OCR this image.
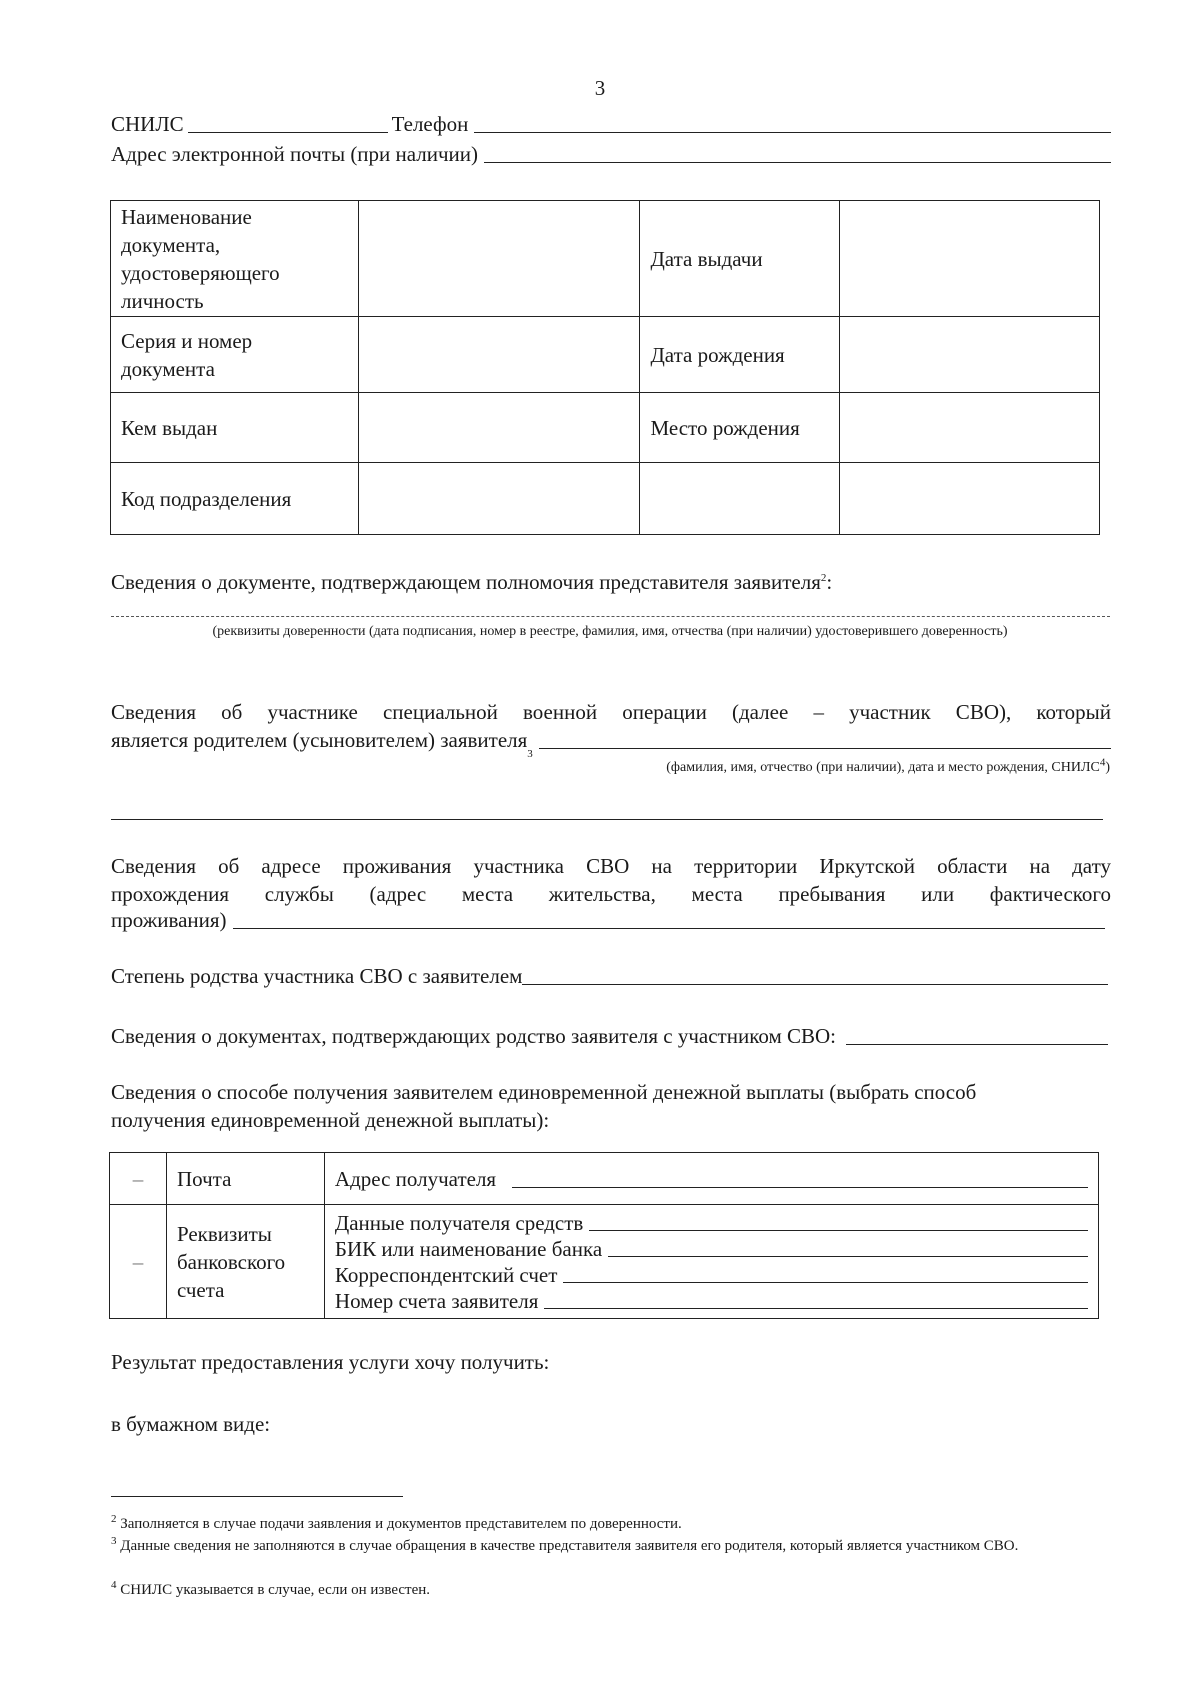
3
СНИЛС	Телефон
Адрес электронной почты (при наличии)
Наименование документа, удостоверяющего личность		Дата выдачи	
Серия и номер документа		Дата рождения	
Кем выдан		Место рождения	
Код подразделения			
Сведения о документе, подтверждающем полномочия представителя заявителя$^2$:
(реквизиты доверенности (дата подписания, номер в реестре, фамилия, имя, отчества (при наличии) удостоверившего доверенность)
Сведения об участнике специальной военной операции (далее – участник СВО), который
является родителем (усыновителем) заявителя
3
(фамилия, имя, отчество (при наличии), дата и место рождения, СНИЛС$^4$)
Сведения об адресе проживания участника СВО на территории Иркутской области на дату
прохождения службы (адрес места жительства, места пребывания или фактического
проживания)
Степень родства участника СВО с заявителем
Сведения о документах, подтверждающих родство заявителя с участником СВО:
Сведения о способе получения заявителем единовременной денежной выплаты (выбрать способ
получения единовременной денежной выплаты):
–	Почта	Адрес получателя

–	Реквизиты банковского счета	Данные получателя средств
БИК или наименование банка
Корреспондентский счет
Номер счета заявителя
Результат предоставления услуги хочу получить:
в бумажном виде:
$^2$ Заполняется в случае подачи заявления и документов представителем по доверенности.
$^3$ Данные сведения не заполняются в случае обращения в качестве представителя заявителя его родителя, который является участником СВО.
$^4$ СНИЛС указывается в случае, если он известен.
